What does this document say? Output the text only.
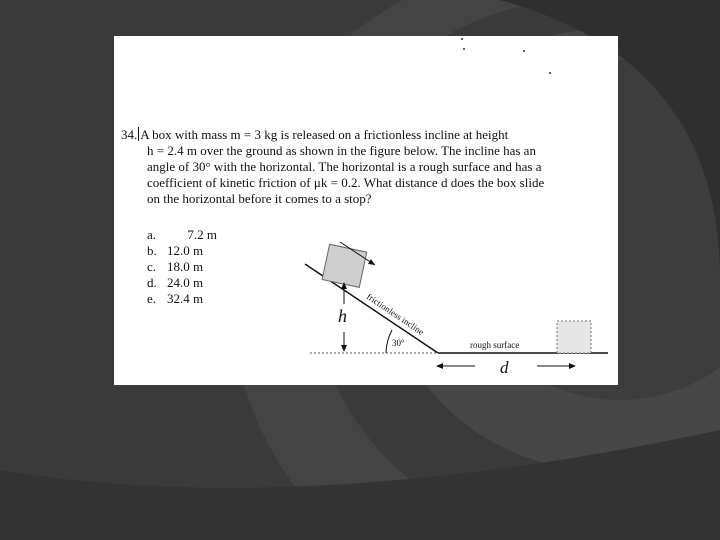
34. A box with mass m = 3 kg is released on a frictionless incline at height
h = 2.4 m over the ground as shown in the figure below. The incline has an
angle of 30° with the horizontal. The horizontal is a rough surface and has a
coefficient of kinetic friction of μk = 0.2. What distance d does the box slide
on the horizontal before it comes to a stop?
a. 7.2 m
b. 12.0 m
c. 18.0 m
d. 24.0 m
e. 32.4 m
h frictionless incline
30°	rough surface
d
